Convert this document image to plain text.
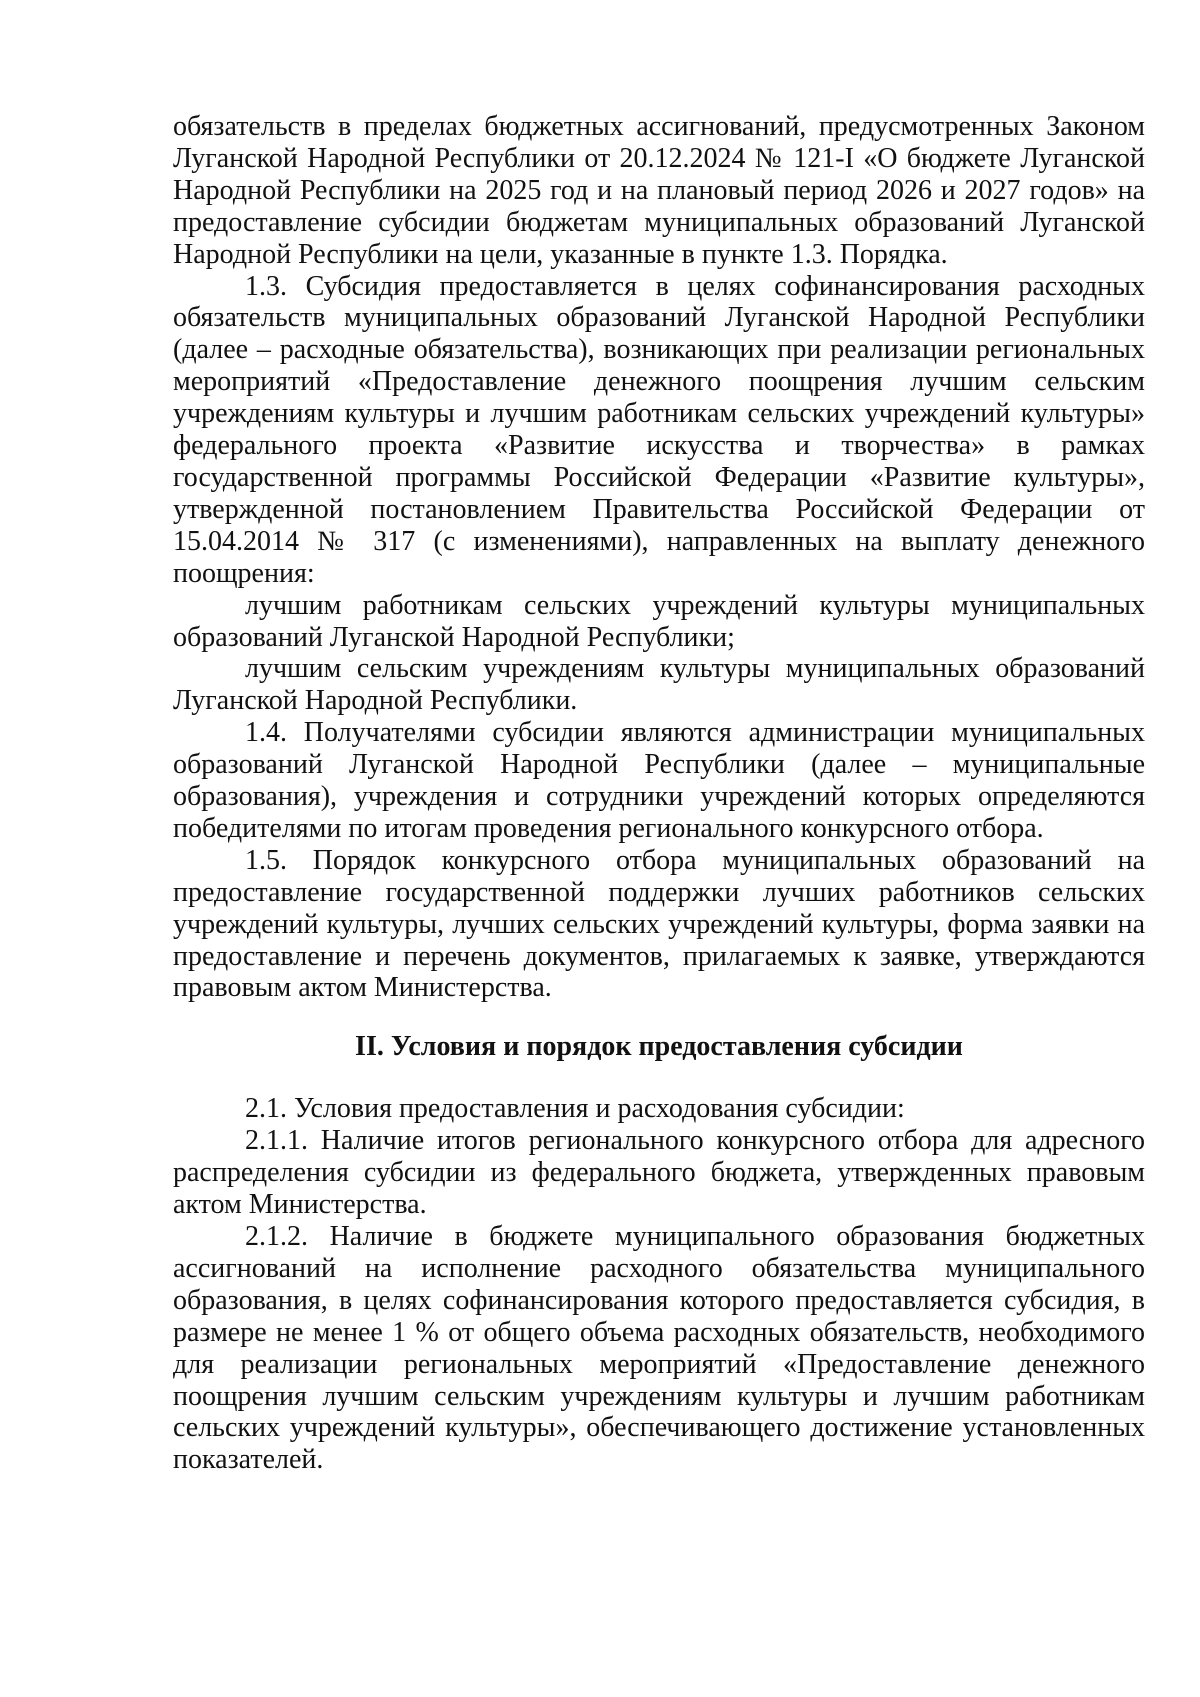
обязательств в пределах бюджетных ассигнований, предусмотренных Законом Луганской Народной Республики от 20.12.2024 № 121-I «О бюджете Луганской Народной Республики на 2025 год и на плановый период 2026 и 2027 годов» на предоставление субсидии бюджетам муниципальных образований Луганской Народной Республики на цели, указанные в пункте 1.3. Порядка.

1.3. Субсидия предоставляется в целях софинансирования расходных обязательств муниципальных образований Луганской Народной Республики (далее – расходные обязательства), возникающих при реализации региональных мероприятий «Предоставление денежного поощрения лучшим сельским учреждениям культуры и лучшим работникам сельских учреждений культуры» федерального проекта «Развитие искусства и творчества» в рамках государственной программы Российской Федерации «Развитие культуры», утвержденной постановлением Правительства Российской Федерации от 15.04.2014 № 317 (с изменениями), направленных на выплату денежного поощрения:

лучшим работникам сельских учреждений культуры муниципальных образований Луганской Народной Республики;

лучшим сельским учреждениям культуры муниципальных образований Луганской Народной Республики.

1.4. Получателями субсидии являются администрации муниципальных образований Луганской Народной Республики (далее – муниципальные образования), учреждения и сотрудники учреждений которых определяются победителями по итогам проведения регионального конкурсного отбора.

1.5. Порядок конкурсного отбора муниципальных образований на предоставление государственной поддержки лучших работников сельских учреждений культуры, лучших сельских учреждений культуры, форма заявки на предоставление и перечень документов, прилагаемых к заявке, утверждаются правовым актом Министерства.

II. Условия и порядок предоставления субсидии

2.1. Условия предоставления и расходования субсидии:

2.1.1. Наличие итогов регионального конкурсного отбора для адресного распределения субсидии из федерального бюджета, утвержденных правовым актом Министерства.

2.1.2. Наличие в бюджете муниципального образования бюджетных ассигнований на исполнение расходного обязательства муниципального образования, в целях софинансирования которого предоставляется субсидия, в размере не менее 1 % от общего объема расходных обязательств, необходимого для реализации региональных мероприятий «Предоставление денежного поощрения лучшим сельским учреждениям культуры и лучшим работникам сельских учреждений культуры», обеспечивающего достижение установленных показателей.
